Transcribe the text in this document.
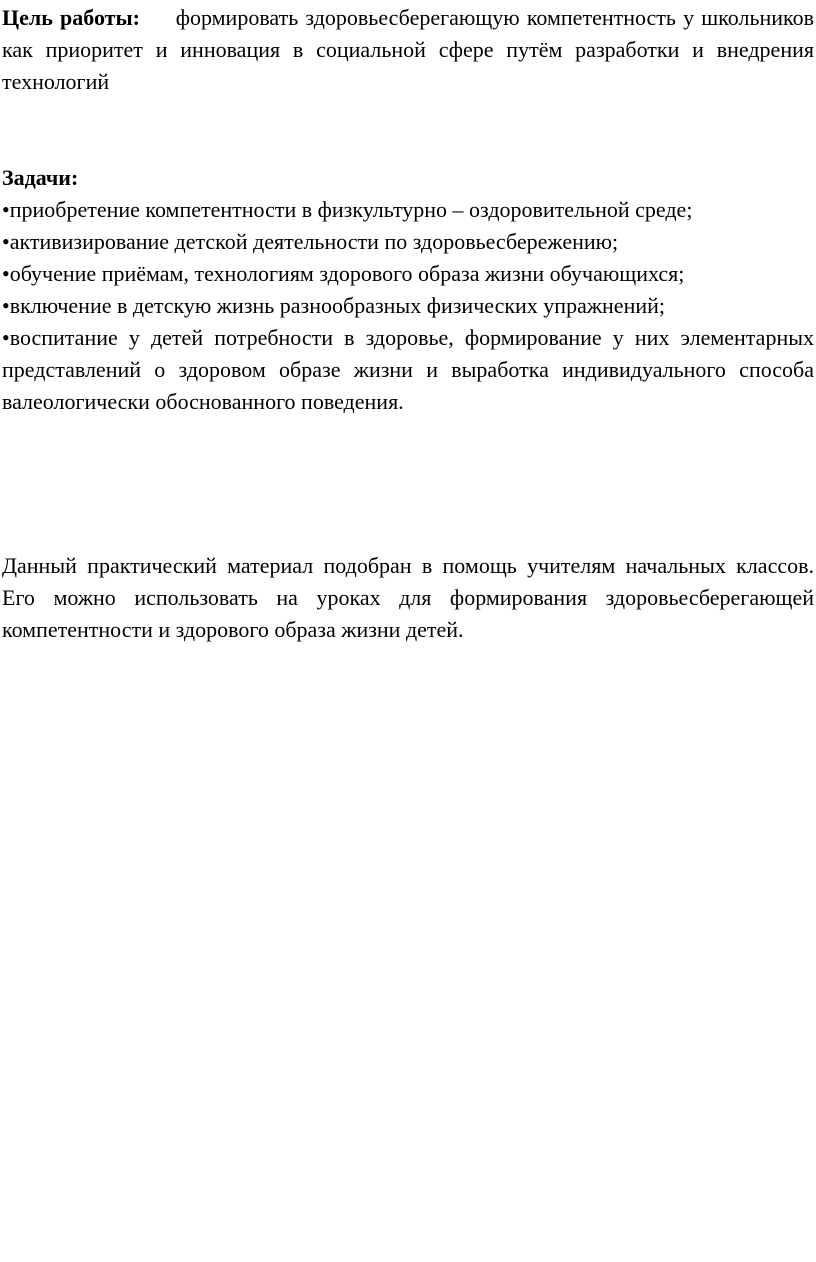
Цель работы: формировать здоровьесберегающую компетентность у школьников как приоритет и инновация в социальной сфере путём разработки и внедрения технологий

Задачи:

•приобретение компетентности в физкультурно – оздоровительной среде;
•активизирование детской деятельности по здоровьесбережению;
•обучение приёмам, технологиям здорового образа жизни обучающихся;
•включение в детскую жизнь разнообразных физических упражнений;
•воспитание у детей потребности в здоровье, формирование у них элементарных представлений о здоровом образе жизни и выработка индивидуального способа валеологически обоснованного поведения.

Данный практический материал подобран в помощь учителям начальных классов. Его можно использовать на уроках для формирования здоровьесберегающей компетентности и здорового образа жизни детей.
